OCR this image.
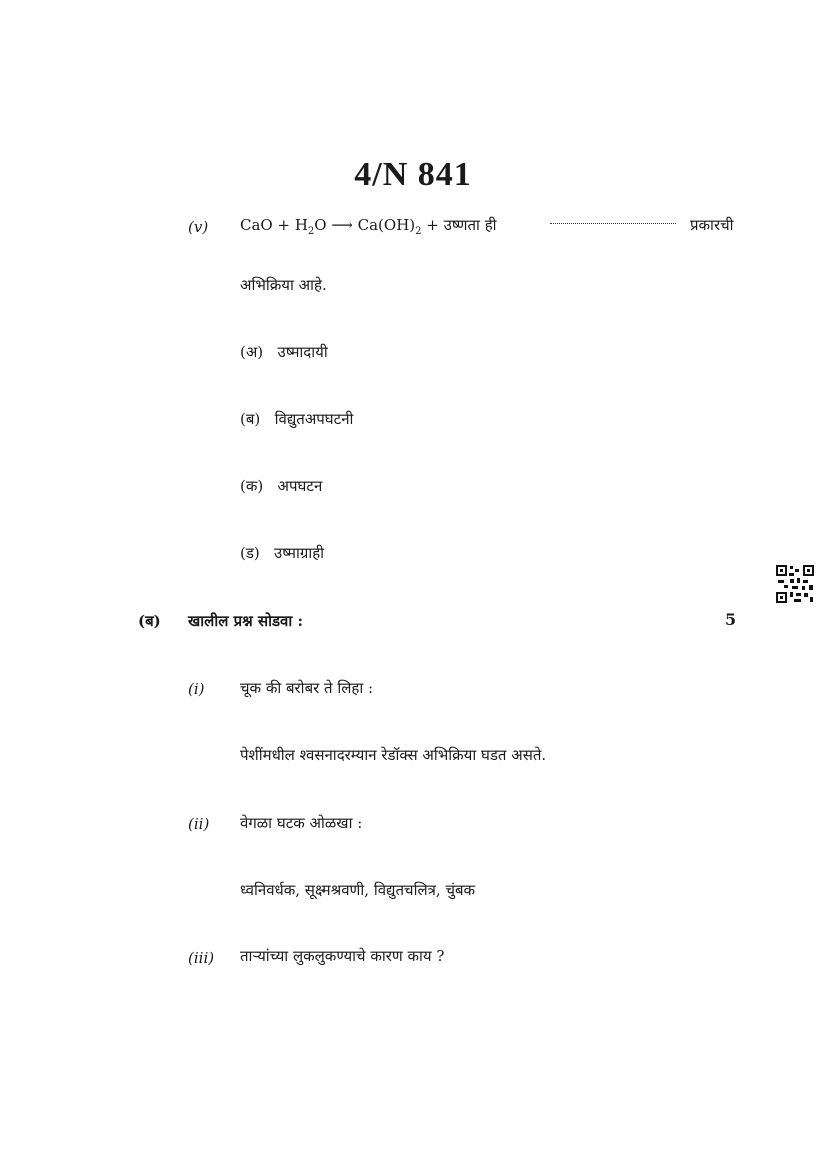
4/N 841
(v) CaO + $H_2O$ ⟶ $Ca(OH)_2$ + उष्णता ही	प्रकारची
अभिक्रिया आहे.
(अ) उष्मादायी
(ब) विद्युतअपघटनी
(क) अपघटन
(ड) उष्माग्राही
(ब) खालील प्रश्न सोडवा :	5
(i) चूक की बरोबर ते लिहा :
पेशींमधील श्वसनादरम्यान रेडॉक्स अभिक्रिया घडत असते.
(ii) वेगळा घटक ओळखा :
ध्वनिवर्धक, सूक्ष्मश्रवणी, विद्युतचलित्र, चुंबक
(iii) ताऱ्यांच्या लुकलुकण्याचे कारण काय ?
